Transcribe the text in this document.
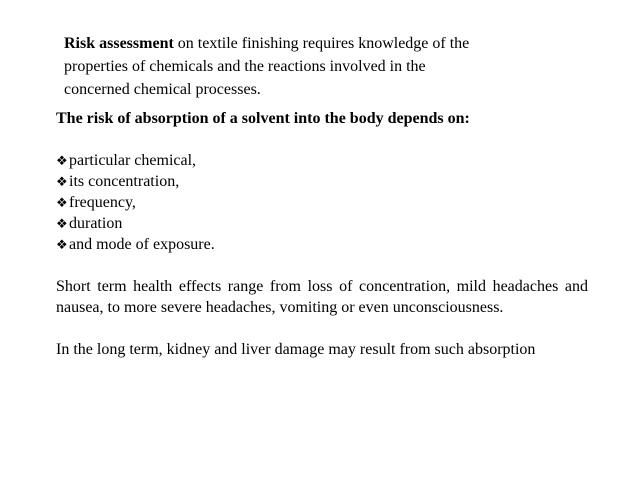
Risk assessment on textile finishing requires knowledge of the
properties of chemicals and the reactions involved in the
concerned chemical processes.

The risk of absorption of a solvent into the body depends on:

❖ particular chemical,
❖ its concentration,
❖ frequency,
❖ duration
❖ and mode of exposure.

Short term health effects range from loss of concentration, mild headaches and nausea, to more severe headaches, vomiting or even unconsciousness.

In the long term, kidney and liver damage may result from such absorption
